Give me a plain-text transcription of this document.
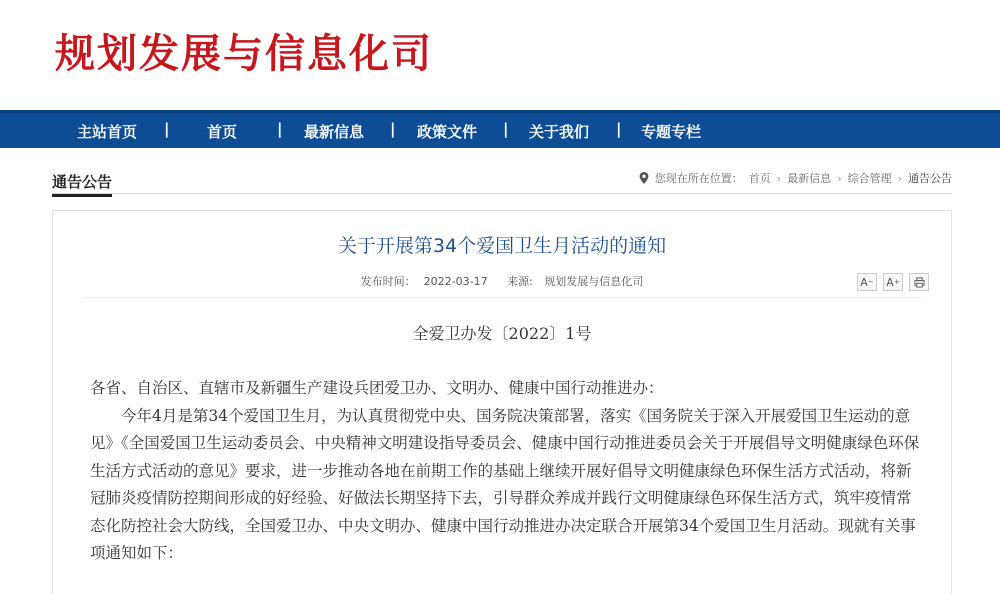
规划发展与信息化司
主站首页 |	首页	| 最新信息 | 政策文件 | 关于我们 | 专题专栏
通告公告	您现在所在位置： 首页 › 最新信息 › 综合管理 › 通告公告
关于开展第34个爱国卫生月活动的通知
发布时间： 2022-03-17 来源: 规划发展与信息化司	A − A +
全爱卫办发〔2022〕1号

各省、自治区、直辖市及新疆生产建设兵团爱卫办、文明办、健康中国行动推进办：

今年4月是第34个爱国卫生月，为认真贯彻党中央、国务院决策部署，落实《国务院关于深入开展爱国卫生运动的意见》《全国爱国卫生运动委员会、中央精神文明建设指导委员会、健康中国行动推进委员会关于开展倡导文明健康绿色环保生活方式活动的意见》要求，进一步推动各地在前期工作的基础上继续开展好倡导文明健康绿色环保生活方式活动，将新冠肺炎疫情防控期间形成的好经验、好做法长期坚持下去，引导群众养成并践行文明健康绿色环保生活方式，筑牢疫情常态化防控社会大防线，全国爱卫办、中央文明办、健康中国行动推进办决定联合开展第34个爱国卫生月活动。现就有关事项通知如下：
